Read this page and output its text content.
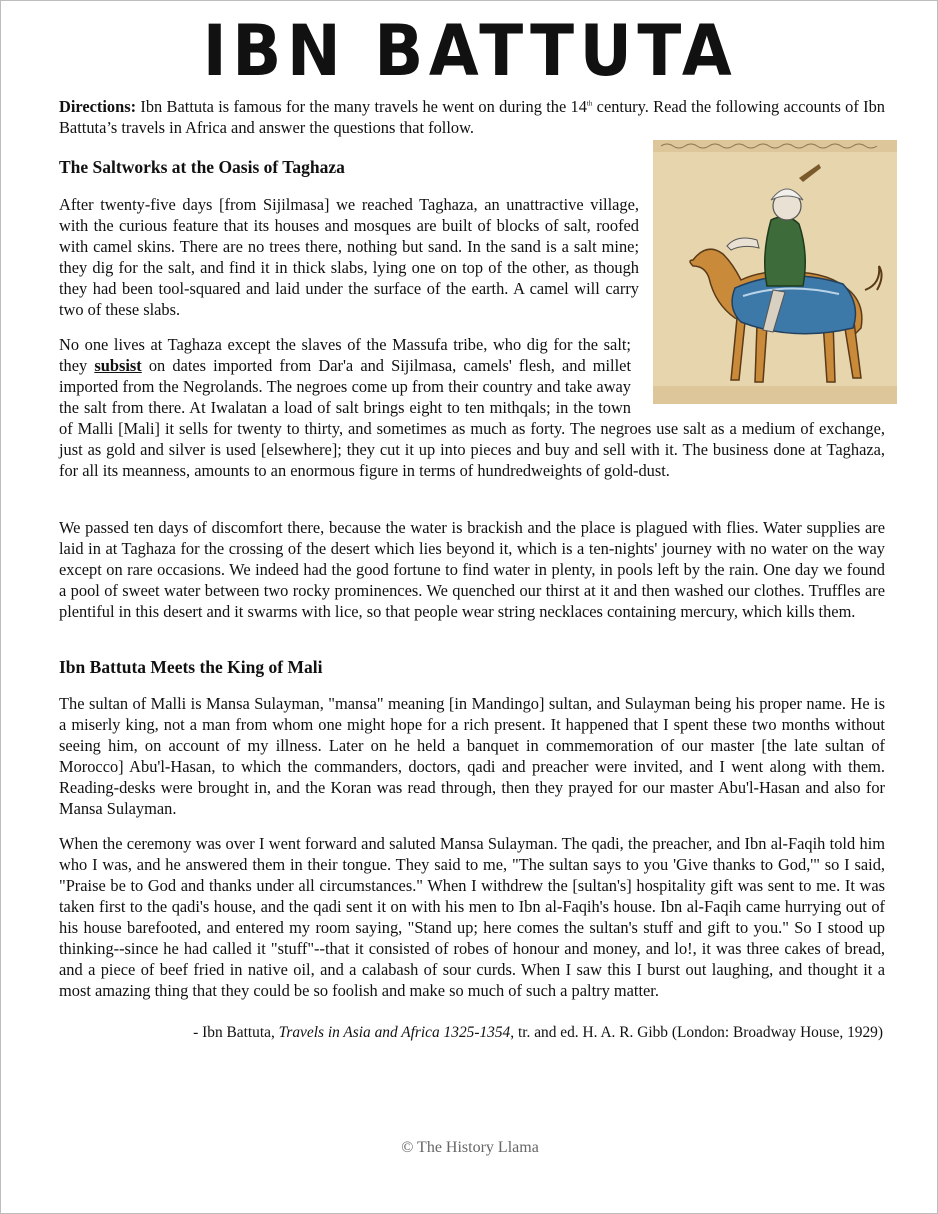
IBN BATTUTA
Directions: Ibn Battuta is famous for the many travels he went on during the 14th century. Read the following accounts of Ibn Battuta’s travels in Africa and answer the questions that follow.
The Saltworks at the Oasis of Taghaza
After twenty-five days [from Sijilmasa] we reached Taghaza, an unattractive village, with the curious feature that its houses and mosques are built of blocks of salt, roofed with camel skins. There are no trees there, nothing but sand. In the sand is a salt mine; they dig for the salt, and find it in thick slabs, lying one on top of the other, as though they had been tool-squared and laid under the surface of the earth. A camel will carry two of these slabs.
No one lives at Taghaza except the slaves of the Massufa tribe, who dig for the salt; they subsist on dates imported from Dar'a and Sijilmasa, camels' flesh, and millet imported from the Negrolands. The negroes come up from their country and take away the salt from there. At Iwalatan a load of salt brings eight to ten mithqals; in the town of Malli [Mali] it sells for twenty to thirty, and sometimes as much as forty. The negroes use salt as a medium of exchange, just as gold and silver is used [elsewhere]; they cut it up into pieces and buy and sell with it. The business done at Taghaza, for all its meanness, amounts to an enormous figure in terms of hundredweights of gold-dust.
We passed ten days of discomfort there, because the water is brackish and the place is plagued with flies. Water supplies are laid in at Taghaza for the crossing of the desert which lies beyond it, which is a ten-nights' journey with no water on the way except on rare occasions. We indeed had the good fortune to find water in plenty, in pools left by the rain. One day we found a pool of sweet water between two rocky prominences. We quenched our thirst at it and then washed our clothes. Truffles are plentiful in this desert and it swarms with lice, so that people wear string necklaces containing mercury, which kills them.
Ibn Battuta Meets the King of Mali
The sultan of Malli is Mansa Sulayman, "mansa" meaning [in Mandingo] sultan, and Sulayman being his proper name. He is a miserly king, not a man from whom one might hope for a rich present. It happened that I spent these two months without seeing him, on account of my illness. Later on he held a banquet in commemoration of our master [the late sultan of Morocco] Abu'l-Hasan, to which the commanders, doctors, qadi and preacher were invited, and I went along with them. Reading-desks were brought in, and the Koran was read through, then they prayed for our master Abu'l-Hasan and also for Mansa Sulayman.
When the ceremony was over I went forward and saluted Mansa Sulayman. The qadi, the preacher, and Ibn al-Faqih told him who I was, and he answered them in their tongue. They said to me, "The sultan says to you 'Give thanks to God,'" so I said, "Praise be to God and thanks under all circumstances." When I withdrew the [sultan's] hospitality gift was sent to me. It was taken first to the qadi's house, and the qadi sent it on with his men to Ibn al-Faqih's house. Ibn al-Faqih came hurrying out of his house barefooted, and entered my room saying, "Stand up; here comes the sultan's stuff and gift to you." So I stood up thinking--since he had called it "stuff"--that it consisted of robes of honour and money, and lo!, it was three cakes of bread, and a piece of beef fried in native oil, and a calabash of sour curds. When I saw this I burst out laughing, and thought it a most amazing thing that they could be so foolish and make so much of such a paltry matter.
- Ibn Battuta, Travels in Asia and Africa 1325-1354, tr. and ed. H. A. R. Gibb (London: Broadway House, 1929)
© The History Llama
